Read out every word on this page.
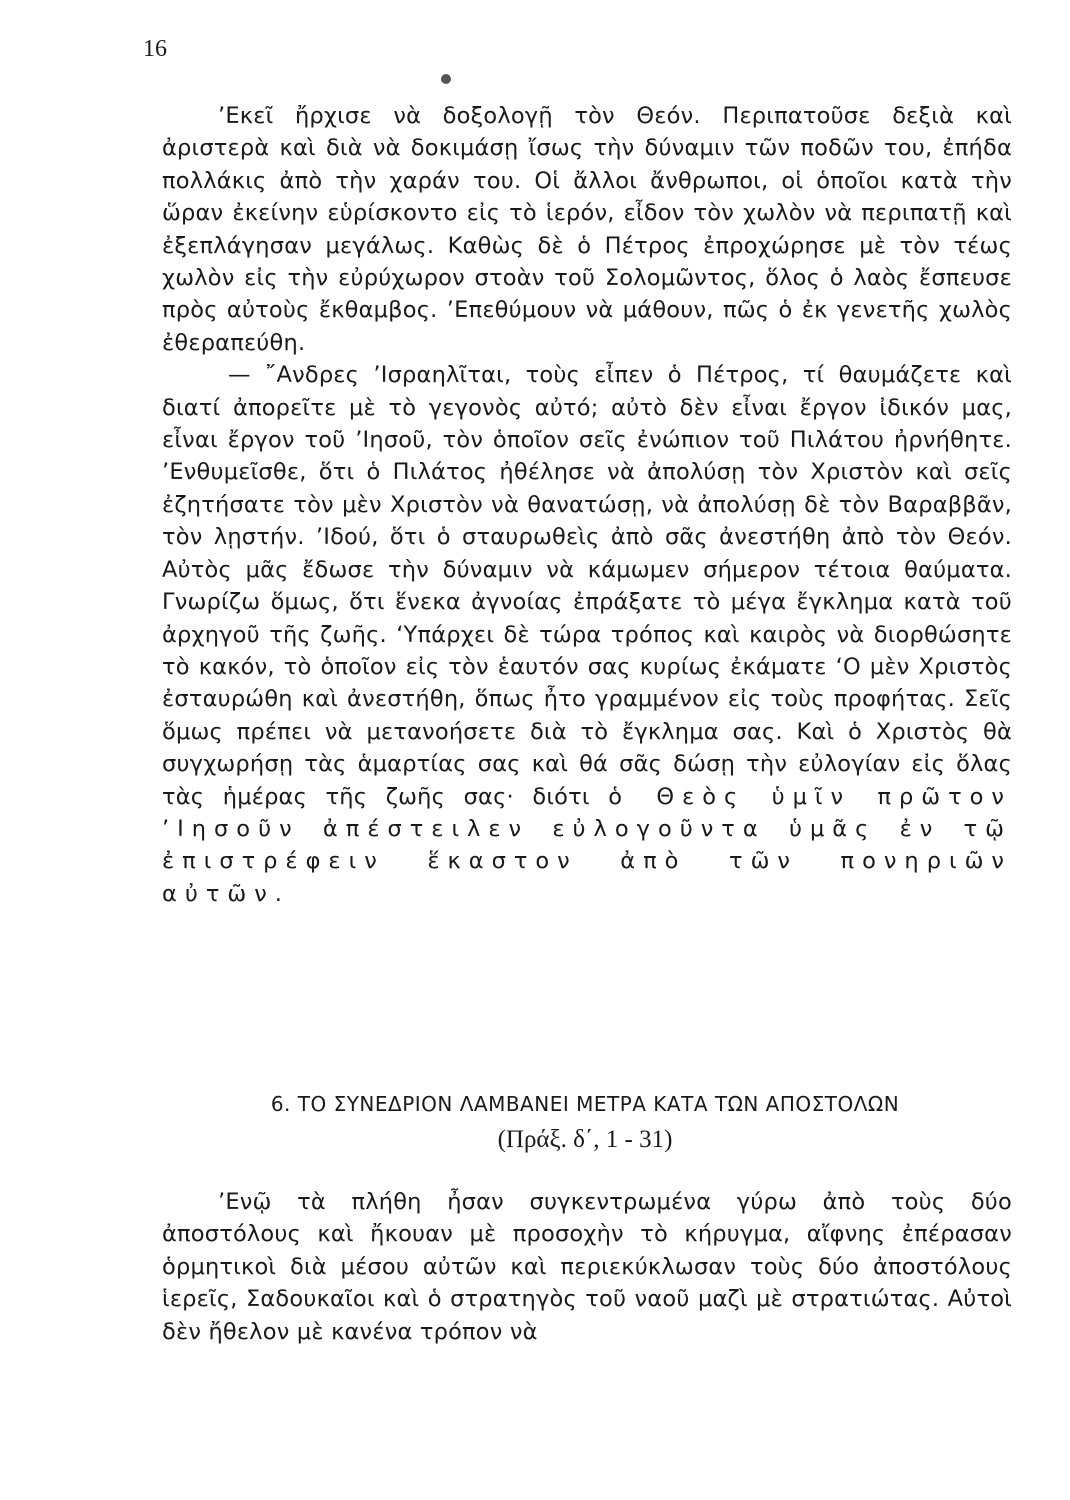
16

’Εκεῖ ἤρχισε νὰ δοξολογῇ τὸν Θεόν. Περιπατοῦσε δεξιὰ καὶ ἀριστερὰ καὶ διὰ νὰ δοκιμάσῃ ἴσως τὴν δύναμιν τῶν ποδῶν του, ἐπήδα πολλάκις ἀπὸ τὴν χαράν του. Οἱ ἄλλοι ἄνθρωποι, οἱ ὁποῖοι κατὰ τὴν ὥραν ἐκείνην εὑρίσκοντο εἰς τὸ ἱερόν, εἶδον τὸν χωλὸν νὰ περιπατῇ καὶ ἐξεπλάγησαν μεγάλως. Καθὼς δὲ ὁ Πέτρος ἐπροχώρησε μὲ τὸν τέως χωλὸν εἰς τὴν εὐρύχωρον στοὰν τοῦ Σολομῶντος, ὅλος ὁ λαὸς ἔσπευσε πρὸς αὐτοὺς ἔκθαμβος. ’Επεθύμουν νὰ μάθουν, πῶς ὁ ἐκ γενετῆς χωλὸς ἐθεραπεύθη.

— ῎Ανδρες ’Ισραηλῖται, τοὺς εἶπεν ὁ Πέτρος, τί θαυμάζετε καὶ διατί ἀπορεῖτε μὲ τὸ γεγονὸς αὐτό; αὐτὸ δὲν εἶναι ἔργον ἰδικόν μας, εἶναι ἔργον τοῦ ’Ιησοῦ, τὸν ὁποῖον σεῖς ἐνώπιον τοῦ Πιλάτου ἠρνήθητε. ’Ενθυμεῖσθε, ὅτι ὁ Πιλάτος ἠθέλησε νὰ ἀπολύσῃ τὸν Χριστὸν καὶ σεῖς ἐζητήσατε τὸν μὲν Χριστὸν νὰ θανατώσῃ, νὰ ἀπολύσῃ δὲ τὸν Βαραββᾶν, τὸν λῃστήν. ’Ιδού, ὅτι ὁ σταυρωθεὶς ἀπὸ σᾶς ἀνεστήθη ἀπὸ τὸν Θεόν. Αὐτὸς μᾶς ἔδωσε τὴν δύναμιν νὰ κάμωμεν σήμερον τέτοια θαύματα. Γνωρίζω ὅμως, ὅτι ἕνεκα ἀγνοίας ἐπράξατε τὸ μέγα ἔγκλημα κατὰ τοῦ ἀρχηγοῦ τῆς ζωῆς. ‘Υπάρχει δὲ τώρα τρόπος καὶ καιρὸς νὰ διορθώσητε τὸ κακόν, τὸ ὁποῖον εἰς τὸν ἑαυτόν σας κυρίως ἐκάματε ‘Ο μὲν Χριστὸς ἐσταυρώθη καὶ ἀνεστήθη, ὅπως ἦτο γραμμένον εἰς τοὺς προφήτας. Σεῖς ὅμως πρέπει νὰ μετανοήσετε διὰ τὸ ἔγκλημα σας. Καὶ ὁ Χριστὸς θὰ συγχωρήσῃ τὰς ἁμαρτίας σας καὶ θά σᾶς δώσῃ τὴν εὐλογίαν εἰς ὅλας τὰς ἡμέρας τῆς ζωῆς σας· διότι ὁ Θεὸς ὑμῖν πρῶτον ’Ιησοῦν ἀπέστειλεν εὐλογοῦντα ὑμᾶς ἐν τῷ ἐπιστρέφειν ἕκαστον ἀπὸ τῶν πονηριῶν αὐτῶν.

6. ΤΟ ΣΥΝΕΔΡΙΟΝ ΛΑΜΒΑΝΕΙ ΜΕΤΡΑ ΚΑΤΑ ΤΩΝ ΑΠΟΣΤΟΛΩΝ
(Πράξ. δ΄, 1 - 31)

’Ενῷ τὰ πλήθη ἦσαν συγκεντρωμένα γύρω ἀπὸ τοὺς δύο ἀποστόλους καὶ ἤκουαν μὲ προσοχὴν τὸ κήρυγμα, αἴφνης ἐπέρασαν ὁρμητικοὶ διὰ μέσου αὐτῶν καὶ περιεκύκλωσαν τοὺς δύο ἀποστόλους ἱερεῖς, Σαδουκαῖοι καὶ ὁ στρατηγὸς τοῦ ναοῦ μαζὶ μὲ στρατιώτας. Αὐτοὶ δὲν ἤθελον μὲ κανένα τρόπον νὰ
